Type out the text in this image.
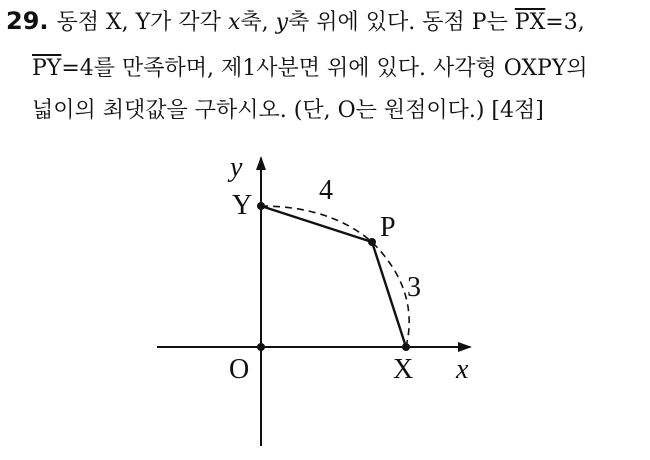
29. 동점 X, Y가 각각 x축, y축 위에 있다. 동점 P는 $\overline{PX}=3$,
$\overline{PY}=4$를 만족하며, 제1사분면 위에 있다. 사각형 OXPY의
넓이의 최댓값을 구하시오. (단, O는 원점이다.) [4점]
y
x
Y
P
O	X
4
3
